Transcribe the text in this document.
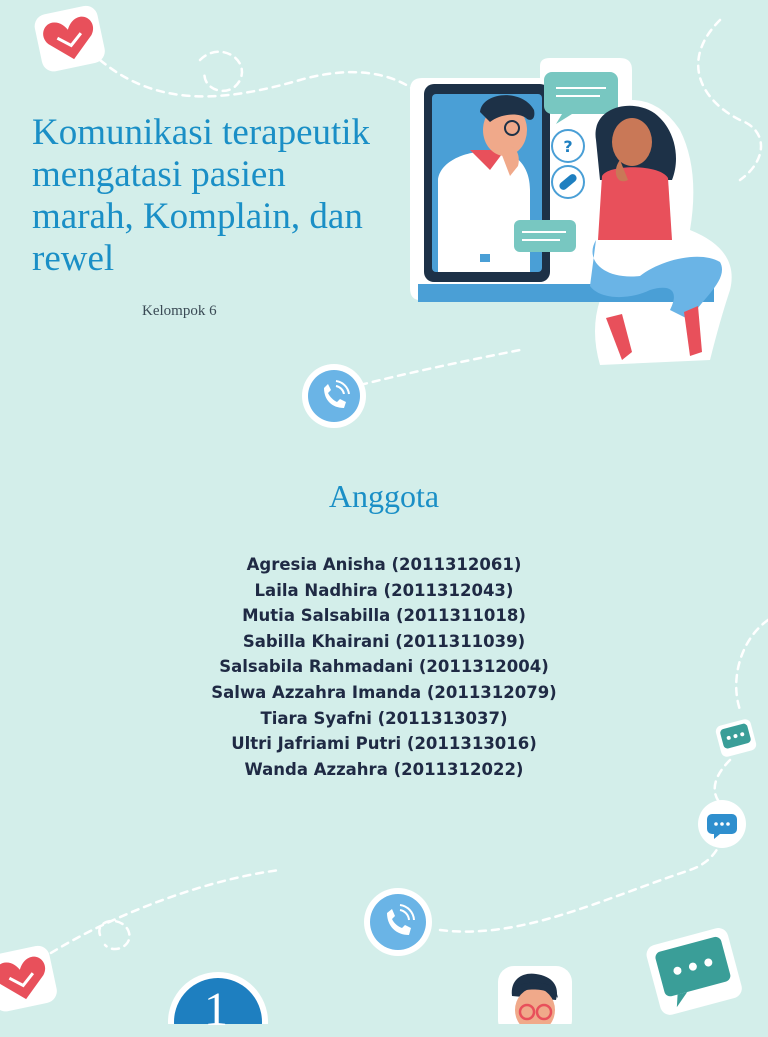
?
Komunikasi terapeutik mengatasi pasien marah, Komplain, dan rewel
Kelompok 6
Anggota
Agresia Anisha (2011312061)
Laila Nadhira (2011312043)
Mutia Salsabilla (2011311018)
Sabilla Khairani (2011311039)
Salsabila Rahmadani (2011312004)
Salwa Azzahra Imanda (2011312079)
Tiara Syafni (2011313037)
Ultri Jafriami Putri (2011313016)
Wanda Azzahra (2011312022)
1
